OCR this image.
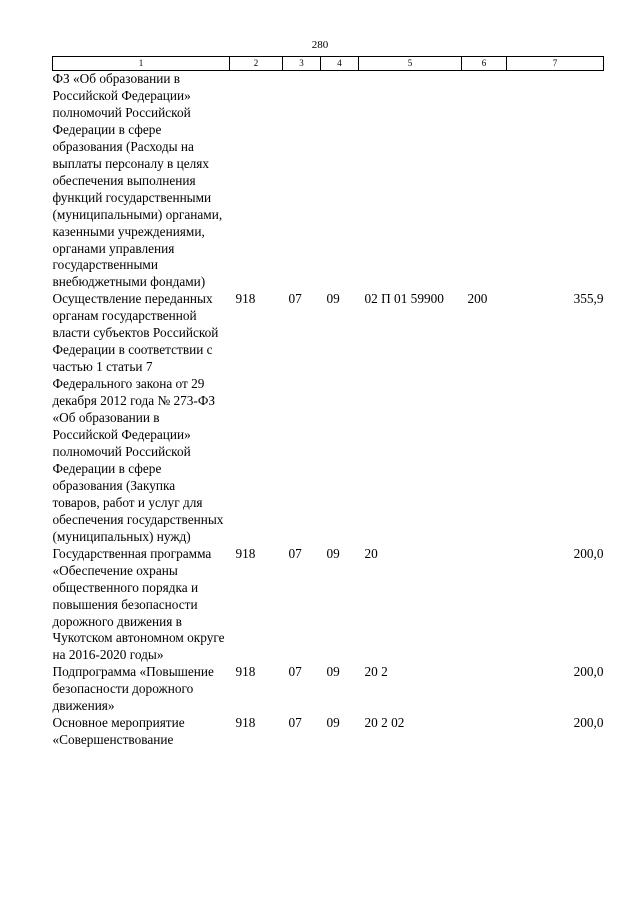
280
1	2	3	4	5	6	7
ФЗ «Об образовании в Российской Федерации» полномочий Российской Федерации в сфере образования (Расходы на выплаты персоналу в целях обеспечения выполнения функций государственными (муниципальными) органами, казенными учреждениями, органами управления государственными внебюджетными фондами)						
Осуществление переданных органам государственной власти субъектов Российской Федерации в соответствии с частью 1 статьи 7 Федерального закона от 29 декабря 2012 года № 273-ФЗ «Об образовании в Российской Федерации» полномочий Российской Федерации в сфере образования (Закупка товаров, работ и услуг для обеспечения государственных (муниципальных) нужд)	918	07	09	02 П 01 59900	200	355,9
Государственная программа «Обеспечение охраны общественного порядка и повышения безопасности дорожного движения в Чукотском автономном округе на 2016-2020 годы»	918	07	09	20		200,0
Подпрограмма «Повышение безопасности дорожного движения»	918	07	09	20 2		200,0
Основное мероприятие «Совершенствование	918	07	09	20 2 02		200,0
